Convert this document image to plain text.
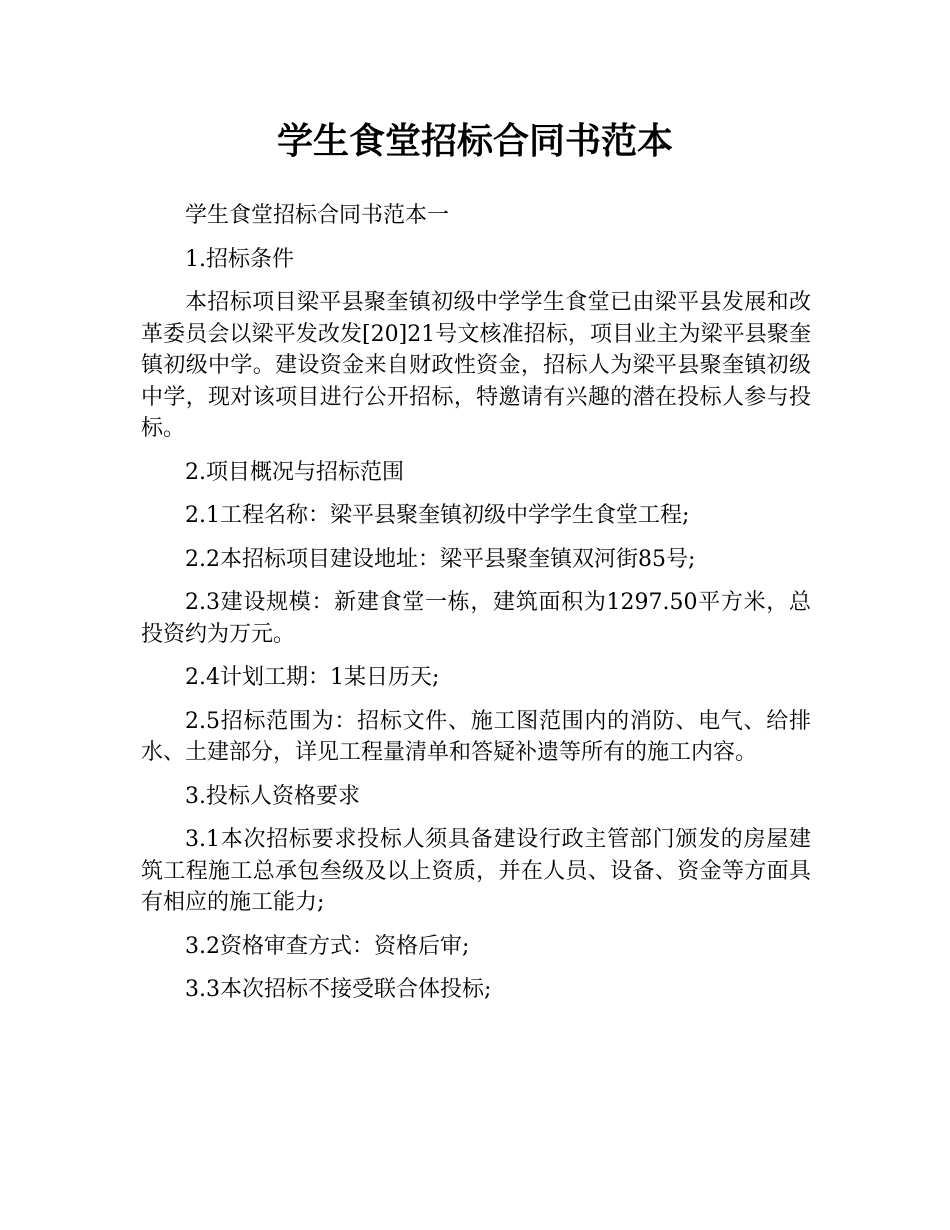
学生食堂招标合同书范本

学生食堂招标合同书范本一

1.招标条件

本招标项目梁平县聚奎镇初级中学学生食堂已由梁平县发展和改革委员会以梁平发改发[20]21号文核准招标，项目业主为梁平县聚奎镇初级中学。建设资金来自财政性资金，招标人为梁平县聚奎镇初级中学，现对该项目进行公开招标，特邀请有兴趣的潜在投标人参与投标。

2.项目概况与招标范围

2.1工程名称：梁平县聚奎镇初级中学学生食堂工程;

2.2本招标项目建设地址：梁平县聚奎镇双河街85号;

2.3建设规模：新建食堂一栋，建筑面积为1297.50平方米，总投资约为万元。

2.4计划工期：1某日历天;

2.5招标范围为：招标文件、施工图范围内的消防、电气、给排水、土建部分，详见工程量清单和答疑补遗等所有的施工内容。

3.投标人资格要求

3.1本次招标要求投标人须具备建设行政主管部门颁发的房屋建筑工程施工总承包叁级及以上资质，并在人员、设备、资金等方面具有相应的施工能力;

3.2资格审查方式：资格后审;

3.3本次招标不接受联合体投标;
